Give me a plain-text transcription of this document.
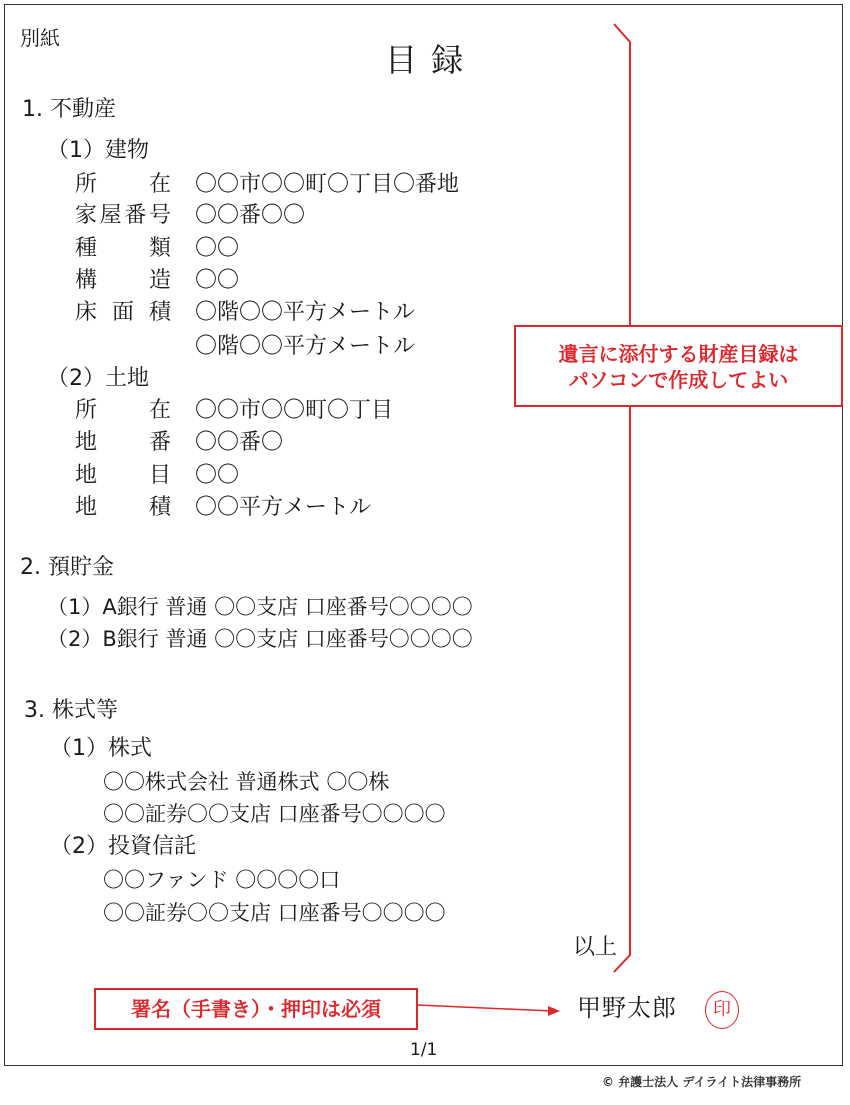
別紙
目 録
1. 不動産
（1）建物
所在 〇〇市〇〇町〇丁目〇番地
家屋番号 〇〇番〇〇
種類 〇〇
構造 〇〇
床面積 〇階〇〇平方メートル
〇階〇〇平方メートル
（2）土地
所在 〇〇市〇〇町〇丁目
地番 〇〇番〇
地目 〇〇
地積 〇〇平方メートル
2. 預貯金
（1）A銀行 普通 〇〇支店 口座番号〇〇〇〇
（2）B銀行 普通 〇〇支店 口座番号〇〇〇〇
3. 株式等
（1）株式
〇〇株式会社 普通株式 〇〇株
〇〇証券〇〇支店 口座番号〇〇〇〇
（2）投資信託
〇〇ファンド 〇〇〇〇口
〇〇証券〇〇支店 口座番号〇〇〇〇
以上
甲野太郎	印
遺言に添付する財産目録は
パソコンで作成してよい
署名（手書き）・押印は必須
1/1
© 弁護士法人 デイライト法律事務所
